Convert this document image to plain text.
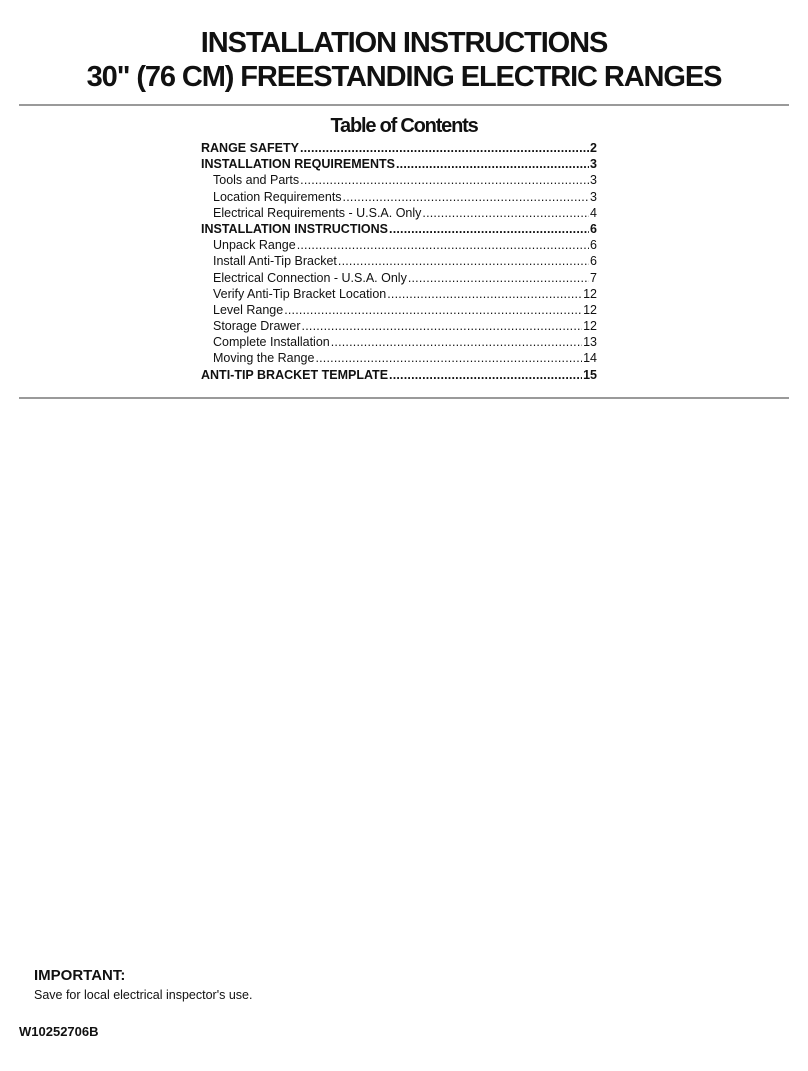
INSTALLATION INSTRUCTIONS
30" (76 CM) FREESTANDING ELECTRIC RANGES
Table of Contents
RANGE SAFETY .....	2
INSTALLATION REQUIREMENTS .....	3
Tools and Parts .....	3
Location Requirements .....	3
Electrical Requirements - U.S.A. Only .....	4
INSTALLATION INSTRUCTIONS .....	6
Unpack Range .....	6
Install Anti-Tip Bracket .....	6
Electrical Connection - U.S.A. Only .....	7
Verify Anti-Tip Bracket Location .....	12
Level Range .....	12
Storage Drawer .....	12
Complete Installation .....	13
Moving the Range .....	14
ANTI-TIP BRACKET TEMPLATE .....	15
IMPORTANT:
Save for local electrical inspector's use.
W10252706B
